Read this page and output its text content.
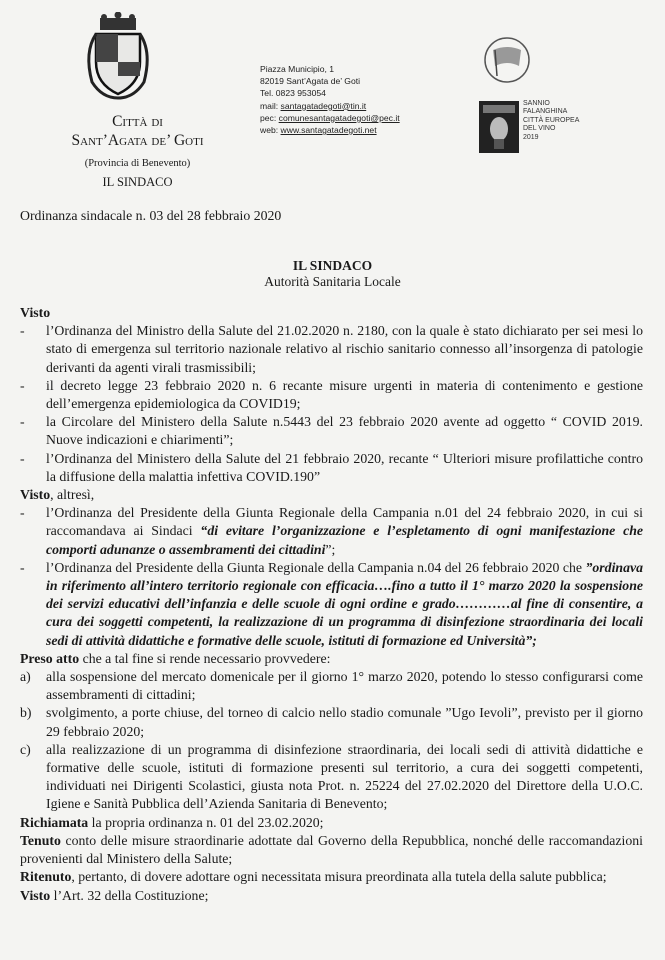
Città di
Sant’Agata de’ Goti
(Provincia di Benevento)
IL SINDACO
Piazza Municipio, 1
82019 Sant’Agata de’ Goti
Tel. 0823 953054
mail: santagatadegoti@tin.it
pec: comunesantagatadegoti@pec.it
web: www.santagatadegoti.net
SANNIO
FALANGHINA
CITTÀ EUROPEA
DEL VINO
2019
Ordinanza sindacale n. 03 del 28 febbraio 2020
IL SINDACO
Autorità Sanitaria Locale

Visto

-	l’Ordinanza del Ministro della Salute del 21.02.2020 n. 2180, con la quale è stato dichiarato per sei mesi lo stato di emergenza sul territorio nazionale relativo al rischio sanitario connesso all’insorgenza di patologie derivanti da agenti virali trasmissibili;
-	il decreto legge 23 febbraio 2020 n. 6 recante misure urgenti in materia di contenimento e gestione dell’emergenza epidemiologica da COVID19;
-	la Circolare del Ministero della Salute n.5443 del 23 febbraio 2020 avente ad oggetto “ COVID 2019. Nuove indicazioni e chiarimenti”;
-	l’Ordinanza del Ministero della Salute del 21 febbraio 2020, recante “ Ulteriori misure profilattiche contro la diffusione della malattia infettiva COVID.190”

Visto, altresì,

-	l’Ordinanza del Presidente della Giunta Regionale della Campania n.01 del 24 febbraio 2020, in cui si raccomandava ai Sindaci “di evitare l’organizzazione e l’espletamento di ogni manifestazione che comporti adunanze o assembramenti dei cittadini”;
-	l’Ordinanza del Presidente della Giunta Regionale della Campania n.04 del 26 febbraio 2020 che ”ordinava in riferimento all’intero territorio regionale con efficacia….fino a tutto il 1° marzo 2020 la sospensione dei servizi educativi dell’infanzia e delle scuole di ogni ordine e grado…………al fine di consentire, a cura dei soggetti competenti, la realizzazione di un programma di disinfezione straordinaria dei locali sedi di attività didattiche e formative delle scuole, istituti di formazione ed Università”;

Preso atto che a tal fine si rende necessario provvedere:

a)	alla sospensione del mercato domenicale per il giorno 1° marzo 2020, potendo lo stesso configurarsi come assembramenti di cittadini;
b)	svolgimento, a porte chiuse, del torneo di calcio nello stadio comunale ”Ugo Ievoli”, previsto per il giorno 29 febbraio 2020;
c)	alla realizzazione di un programma di disinfezione straordinaria, dei locali sedi di attività didattiche e formative delle scuole, istituti di formazione presenti sul territorio, a cura dei soggetti competenti, individuati nei Dirigenti Scolastici, giusta nota Prot. n. 25224 del 27.02.2020 del Direttore della U.O.C. Igiene e Sanità Pubblica dell’Azienda Sanitaria di Benevento;

Richiamata la propria ordinanza n. 01 del 23.02.2020;

Tenuto conto delle misure straordinarie adottate dal Governo della Repubblica, nonché delle raccomandazioni provenienti dal Ministero della Salute;

Ritenuto, pertanto, di dovere adottare ogni necessitata misura preordinata alla tutela della salute pubblica;

Visto l’Art. 32 della Costituzione;
